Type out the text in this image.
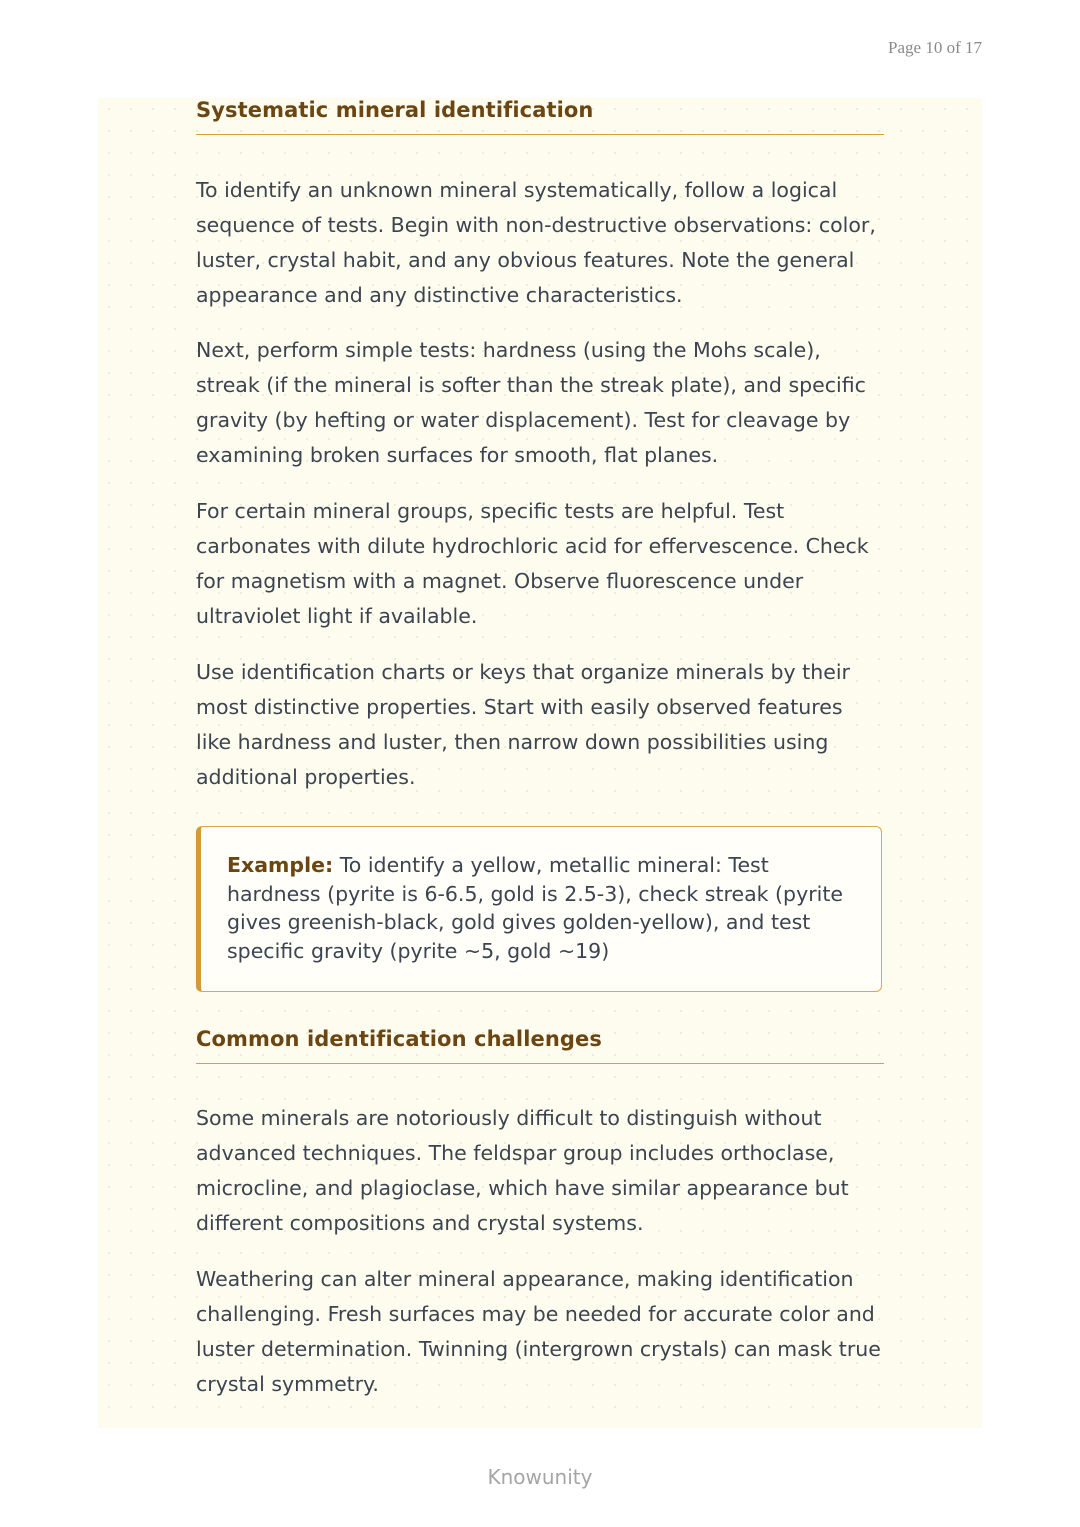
Page 10 of 17
Systematic mineral identification

To identify an unknown mineral systematically, follow a logical sequence of tests. Begin with non-destructive observations: color, luster, crystal habit, and any obvious features. Note the general appearance and any distinctive characteristics.

Next, perform simple tests: hardness (using the Mohs scale), streak (if the mineral is softer than the streak plate), and specific gravity (by hefting or water displacement). Test for cleavage by examining broken surfaces for smooth, flat planes.

For certain mineral groups, specific tests are helpful. Test carbonates with dilute hydrochloric acid for effervescence. Check for magnetism with a magnet. Observe fluorescence under ultraviolet light if available.

Use identification charts or keys that organize minerals by their most distinctive properties. Start with easily observed features like hardness and luster, then narrow down possibilities using additional properties.

Example: To identify a yellow, metallic mineral: Test hardness (pyrite is 6-6.5, gold is 2.5-3), check streak (pyrite gives greenish-black, gold gives golden-yellow), and test specific gravity (pyrite ~5, gold ~19)

Common identification challenges

Some minerals are notoriously difficult to distinguish without advanced techniques. The feldspar group includes orthoclase, microcline, and plagioclase, which have similar appearance but different compositions and crystal systems.

Weathering can alter mineral appearance, making identification challenging. Fresh surfaces may be needed for accurate color and luster determination. Twinning (intergrown crystals) can mask true crystal symmetry.

Knowunity
